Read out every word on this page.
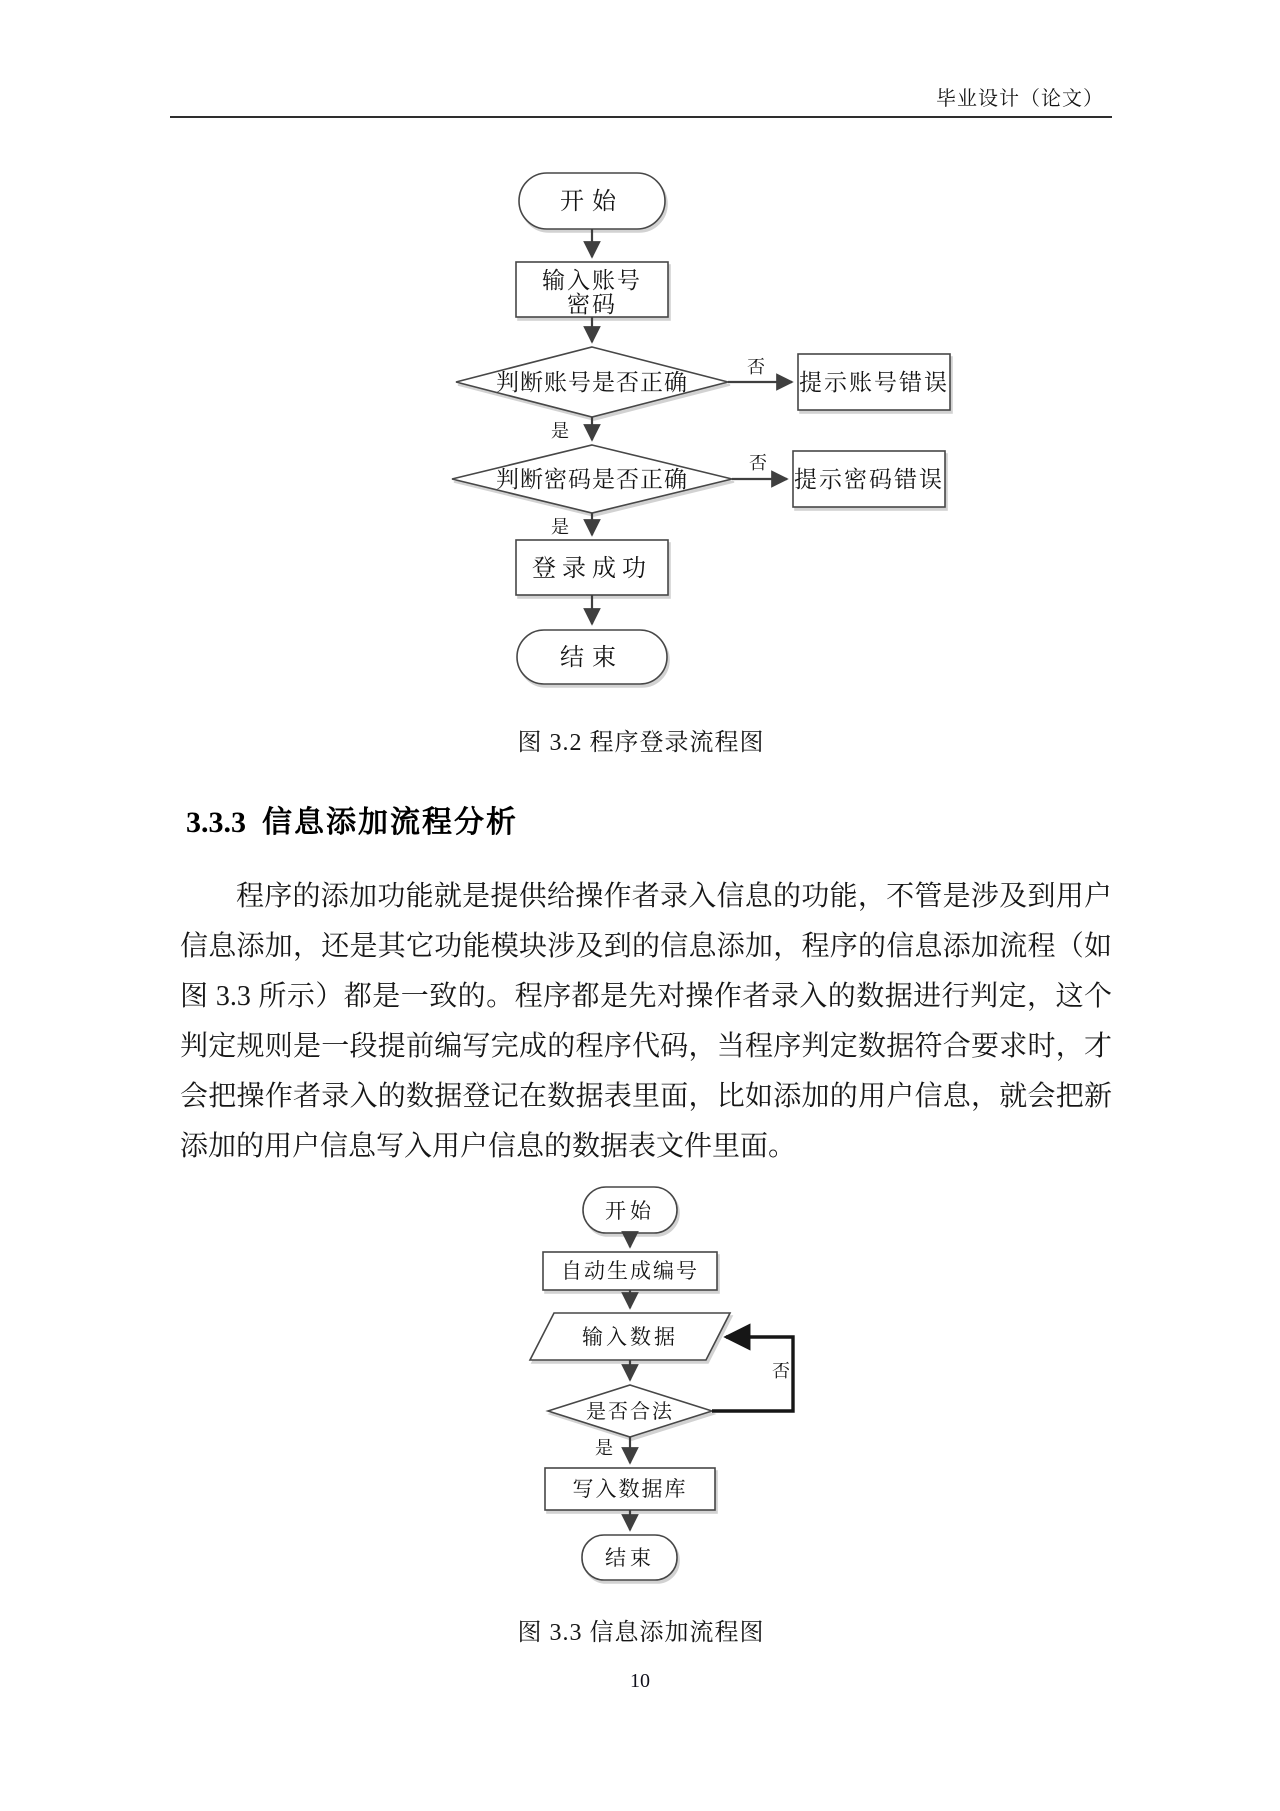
毕业设计（论文）
开始
输入账号
密码
判断账号是否正确
否
提示账号错误
是
判断密码是否正确
否
提示密码错误
是
登录成功
结束
图 3.2 程序登录流程图
3.3.3 信息添加流程分析

程序的添加功能就是提供给操作者录入信息的功能，不管是涉及到用户信息添加，还是其它功能模块涉及到的信息添加，程序的信息添加流程（如图 3.3 所示）都是一致的。程序都是先对操作者录入的数据进行判定，这个判定规则是一段提前编写完成的程序代码，当程序判定数据符合要求时，才会把操作者录入的数据登记在数据表里面，比如添加的用户信息，就会把新添加的用户信息写入用户信息的数据表文件里面。

开始
自动生成编号
输入数据
是否合法
否
是
写入数据库
结束
图 3.3 信息添加流程图
10
